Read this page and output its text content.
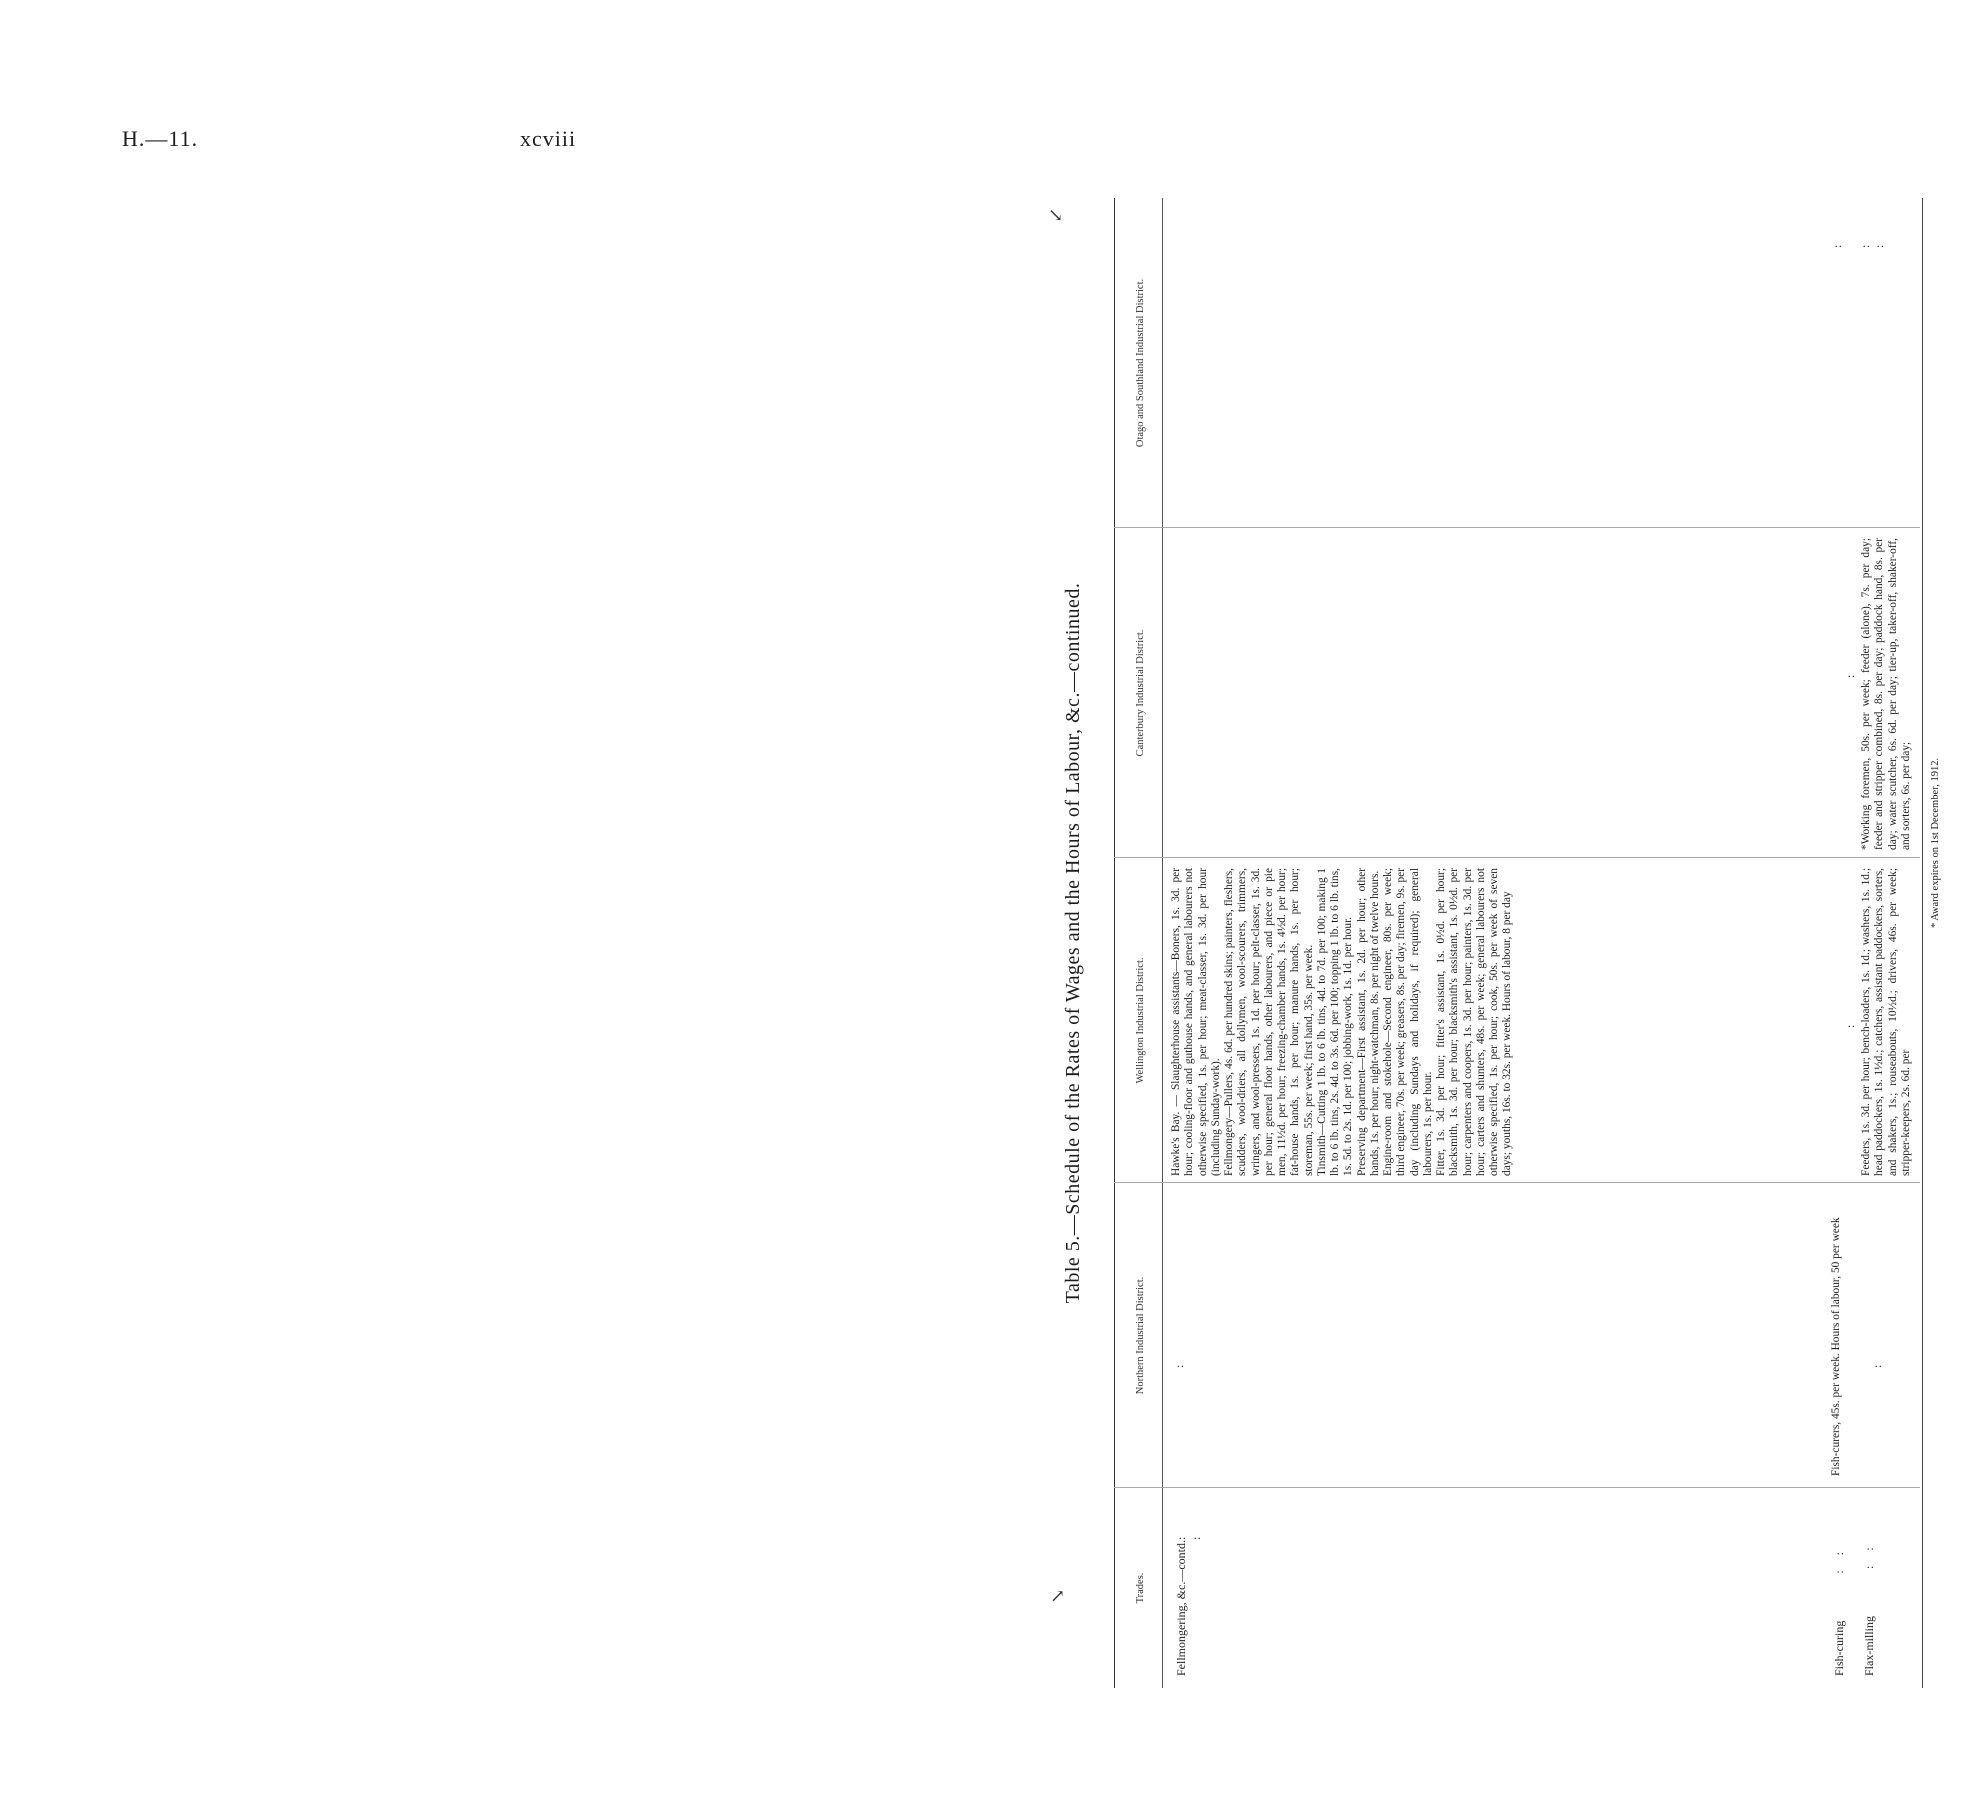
H.—11.	xcviii
↘
↗
Table 5.—Schedule of the Rates of Wages and the Hours of Labour, &c.—continued.
Trades.
Northern Industrial District.
Wellington Industrial District.
Canterbury Industrial District.
Otago and Southland Industrial District.
Fellmongering, &c.—contd.
: :
:
Hawke's Bay. — Slaughterhouse assistants—Boners, 1s. 3d. per hour; cooling-floor and guthouse hands, and general labourers not otherwise specified, 1s. per hour; meat-classer, 1s. 3d. per hour (including Sunday-work). Fellmongery—Pullers, 4s. 6d. per hundred skins; painters, fleshers, scudders, wool-driers, all dollymen, wool-scourers, trimmers, wringers, and wool-pressers, 1s. 1d. per hour; pelt-classer, 1s. 3d. per hour; general floor hands, other labourers, and piece or pie men, 11½d. per hour; freezing-chamber hands, 1s. 4½d. per hour; fat-house hands, 1s. per hour; manure hands, 1s. per hour; storeman, 55s. per week; first hand, 35s. per week. Tinsmith—Cutting 1 lb. to 6 lb. tins, 4d. to 7d. per 100; making 1 lb. to 6 lb. tins, 2s. 4d. to 3s. 6d. per 100; topping 1 lb. to 6 lb. tins, 1s. 5d. to 2s. 1d. per 100; jobbing-work, 1s. 1d. per hour. Preserving department—First assistant, 1s. 2d. per hour; other hands, 1s. per hour; night-watchman, 8s. per night of twelve hours. Engine-room and stokehole—Second engineer, 80s. per week; third engineer, 70s. per week; greasers, 8s. per day; firemen, 9s. per day (including Sundays and holidays, if required); general labourers, 1s. per hour. Fitter, 1s. 3d. per hour; fitter's assistant, 1s. 0½d. per hour; blacksmith, 1s. 3d. per hour; blacksmith's assistant, 1s. 0½d. per hour; carpenters and coopers, 1s. 3d. per hour; painters, 1s. 3d. per hour; carters and shunters, 48s. per week; general labourers not otherwise specified, 1s. per hour; cook, 50s. per week of seven days; youths, 16s. to 32s. per week. Hours of labour, 8 per day
:
Fish-curing : :
Fish-curers, 45s. per week. Hours of labour, 50 per week
:
:
:
Flax-milling : :
:
Feeders, 1s. 3d. per hour; bench-loaders, 1s. 1d.; washers, 1s. 1d.; head paddockers, 1s. 1½d.; catchers, assistant paddockers, sorters, and shakers, 1s.; rouseabouts, 10½d.; drivers, 46s. per week; stripper-keepers, 2s. 6d. per
*Working foremen, 50s. per week; feeder (alone), 7s. per day; feeder and stripper combined, 8s. per day; paddock hand, 8s. per day; water scutcher, 6s. 6d. per day; tier-up, taker-off, shaker-off, and sorters, 6s. per day;
:
* Award expires on 1st December, 1912.
